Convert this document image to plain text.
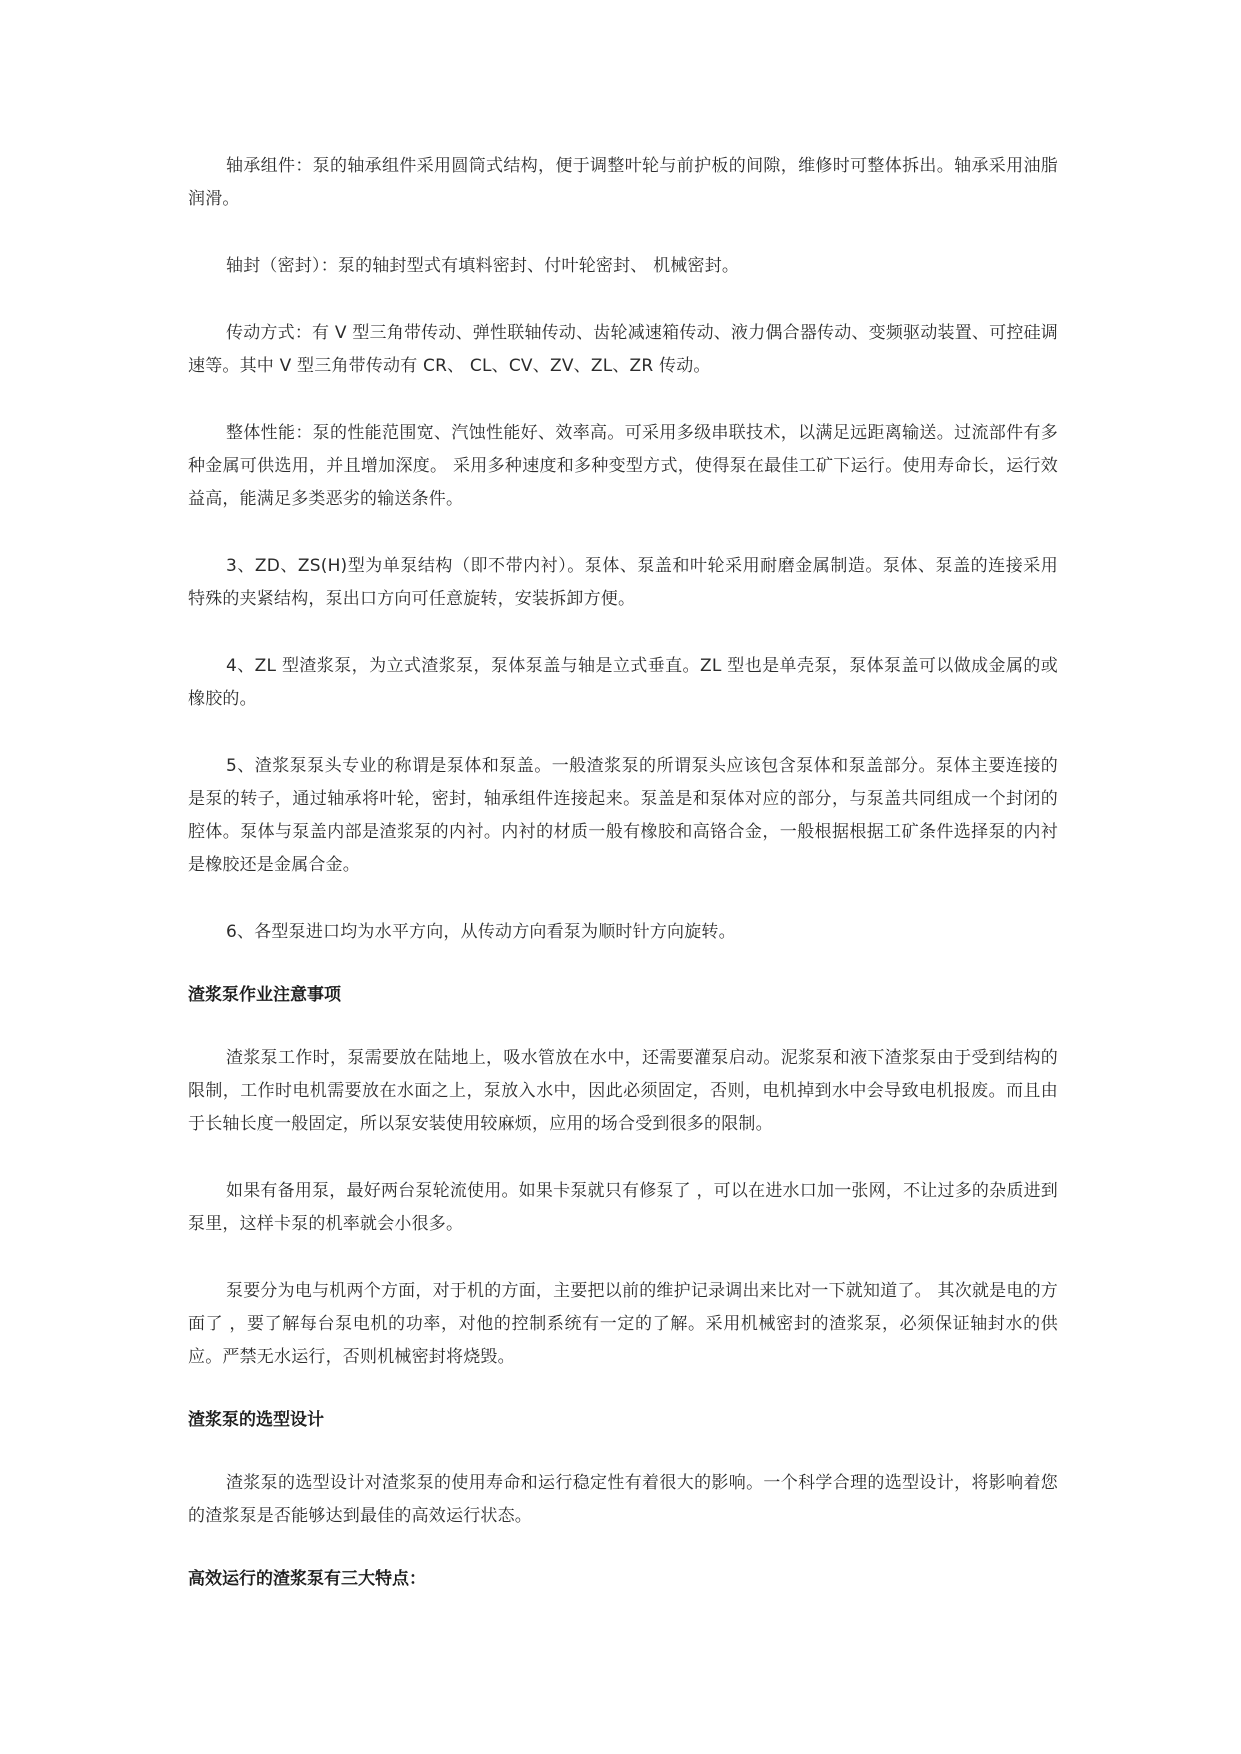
轴承组件：泵的轴承组件采用圆筒式结构，便于调整叶轮与前护板的间隙，维修时可整体拆出。轴承采用油脂润滑。

轴封（密封）：泵的轴封型式有填料密封、付叶轮密封、 机械密封。

传动方式：有 V 型三角带传动、弹性联轴传动、齿轮减速箱传动、液力偶合器传动、变频驱动装置、可控硅调速等。其中 V 型三角带传动有 CR、 CL、CV、ZV、ZL、ZR 传动。

整体性能：泵的性能范围宽、汽蚀性能好、效率高。可采用多级串联技术，以满足远距离输送。过流部件有多种金属可供选用，并且增加深度。 采用多种速度和多种变型方式，使得泵在最佳工矿下运行。使用寿命长，运行效益高，能满足多类恶劣的输送条件。

3、ZD、ZS(H)型为单泵结构（即不带内衬）。泵体、泵盖和叶轮采用耐磨金属制造。泵体、泵盖的连接采用特殊的夹紧结构，泵出口方向可任意旋转，安装拆卸方便。

4、ZL 型渣浆泵，为立式渣浆泵，泵体泵盖与轴是立式垂直。ZL 型也是单壳泵，泵体泵盖可以做成金属的或橡胶的。

5、渣浆泵泵头专业的称谓是泵体和泵盖。一般渣浆泵的所谓泵头应该包含泵体和泵盖部分。泵体主要连接的是泵的转子，通过轴承将叶轮，密封，轴承组件连接起来。泵盖是和泵体对应的部分，与泵盖共同组成一个封闭的腔体。泵体与泵盖内部是渣浆泵的内衬。内衬的材质一般有橡胶和高铬合金，一般根据根据工矿条件选择泵的内衬是橡胶还是金属合金。

6、各型泵进口均为水平方向，从传动方向看泵为顺时针方向旋转。

渣浆泵作业注意事项

渣浆泵工作时，泵需要放在陆地上，吸水管放在水中，还需要灌泵启动。泥浆泵和液下渣浆泵由于受到结构的限制，工作时电机需要放在水面之上，泵放入水中，因此必须固定，否则，电机掉到水中会导致电机报废。而且由于长轴长度一般固定，所以泵安装使用较麻烦，应用的场合受到很多的限制。

如果有备用泵，最好两台泵轮流使用。如果卡泵就只有修泵了 ，可以在进水口加一张网，不让过多的杂质进到泵里，这样卡泵的机率就会小很多。

泵要分为电与机两个方面，对于机的方面，主要把以前的维护记录调出来比对一下就知道了。 其次就是电的方面了 ，要了解每台泵电机的功率，对他的控制系统有一定的了解。采用机械密封的渣浆泵，必须保证轴封水的供应。严禁无水运行，否则机械密封将烧毁。

渣浆泵的选型设计

渣浆泵的选型设计对渣浆泵的使用寿命和运行稳定性有着很大的影响。一个科学合理的选型设计，将影响着您的渣浆泵是否能够达到最佳的高效运行状态。

高效运行的渣浆泵有三大特点：
